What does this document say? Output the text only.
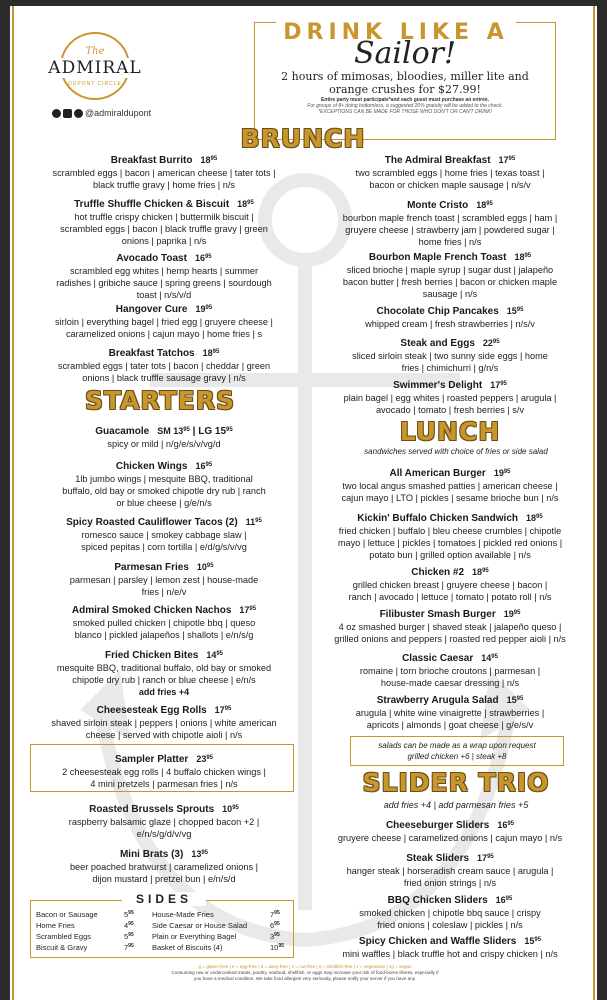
The
ADMIRAL
DUPONT CIRCLE
@admiraldupont
DRINK LIKE A
Sailor!
2 hours of mimosas, bloodies, miller lite and
orange crushes for $27.99!
Entire party must participate*and each guest must purchase an entrée.
For groups of 8+ doing bottomless, a suggested 20% gratuity will be added to the check.
*EXCEPTIONS CAN BE MADE FOR THOSE WHO DON'T OR CAN'T DRINK!
BRUNCH
STARTERS
LUNCH
SLIDER TRIO
sandwiches served with choice of fries or side salad
add fries +4 | add parmesan fries +5
salads can be made as a wrap upon request
grilled chicken +6 | steak +8
SIDES
g = gluten-free | e = egg-free | d = dairy-free | n = nut-free | s = shellfish-free | v = vegetarian | vg = vegan
Consuming raw or undercooked meats, poultry, seafood, shellfish, or eggs may increase your risk of food-borne illness, especially if
you have a medical condition. We take food allergies very seriously, please notify your server if you have any.
Breakfast Burrito $18^{95}$
scrambled eggs | bacon | american cheese | tater tots |
black truffle gravy | home fries | n/s
Truffle Shuffle Chicken & Biscuit $18^{95}$
hot truffle crispy chicken | buttermilk biscuit |
scrambled eggs | bacon | black truffle gravy | green
onions | paprika | n/s
Avocado Toast $16^{95}$
scrambled egg whites | hemp hearts | summer
radishes | gribiche sauce | spring greens | sourdough
toast | n/s/v/d
Hangover Cure $19^{95}$
sirloin | everything bagel | fried egg | gruyere cheese |
caramelized onions | cajun mayo | home fries | s
Breakfast Tatchos $18^{95}$
scrambled eggs | tater tots | bacon | cheddar | green
onions | black truffle sausage gravy | n/s
The Admiral Breakfast $17^{95}$
two scrambled eggs | home fries | texas toast |
bacon or chicken maple sausage | n/s/v
Monte Cristo $18^{95}$
bourbon maple french toast | scrambled eggs | ham |
gruyere cheese | strawberry jam | powdered sugar |
home fries | n/s
Bourbon Maple French Toast $18^{95}$
sliced brioche | maple syrup | sugar dust | jalapeño
bacon butter | fresh berries | bacon or chicken maple
sausage | n/s
Chocolate Chip Pancakes $15^{95}$
whipped cream | fresh strawberries | n/s/v
Steak and Eggs $22^{95}$
sliced sirloin steak | two sunny side eggs | home
fries | chimichurri | g/n/s
Swimmer's Delight $17^{95}$
plain bagel | egg whites | roasted peppers | arugula |
avocado | tomato | fresh berries | s/v
Guacamole SM $13^{95}$ | LG $15^{95}$
spicy or mild | n/g/e/s/v/vg/d
Chicken Wings $16^{95}$
1lb jumbo wings | mesquite BBQ, traditional
buffalo, old bay or smoked chipotle dry rub | ranch
or blue cheese | g/e/n/s
Spicy Roasted Cauliflower Tacos (2) $11^{95}$
romesco sauce | smokey cabbage slaw |
spiced pepitas | corn tortilla | e/d/g/s/v/vg
Parmesan Fries $10^{95}$
parmesan | parsley | lemon zest | house-made
fries | n/e/v
Admiral Smoked Chicken Nachos $17^{95}$
smoked pulled chicken | chipotle bbq | queso
blanco | pickled jalapeños | shallots | e/n/s/g
Fried Chicken Bites $14^{95}$
mesquite BBQ, traditional buffalo, old bay or smoked
chipotle dry rub | ranch or blue cheese | e/n/s
add fries +4
Cheesesteak Egg Rolls $17^{95}$
shaved sirloin steak | peppers | onions | white american
cheese | served with chipotle aioli | n/s
Sampler Platter $23^{95}$
2 cheesesteak egg rolls | 4 buffalo chicken wings |
4 mini pretzels | parmesan fries | n/s
Roasted Brussels Sprouts $10^{95}$
raspberry balsamic glaze | chopped bacon +2 |
e/n/s/g/d/v/vg
Mini Brats (3) $13^{95}$
beer poached bratwurst | caramelized onions |
dijon mustard | pretzel bun | e/n/s/d
All American Burger $19^{95}$
two local angus smashed patties | american cheese |
cajun mayo | LTO | pickles | sesame brioche bun | n/s
Kickin' Buffalo Chicken Sandwich $18^{95}$
fried chicken | buffalo | bleu cheese crumbles | chipotle
mayo | lettuce | pickles | tomatoes | pickled red onions |
potato bun | grilled option available | n/s
Chicken #2 $18^{95}$
grilled chicken breast | gruyere cheese | bacon |
ranch | avocado | lettuce | tomato | potato roll | n/s
Filibuster Smash Burger $19^{95}$
4 oz smashed burger | shaved steak | jalapeño queso |
grilled onions and peppers | roasted red pepper aioli | n/s
Classic Caesar $14^{95}$
romaine | torn brioche croutons | parmesan |
house-made caesar dressing | n/s
Strawberry Arugula Salad $15^{95}$
arugula | white wine vinaigrette | strawberries |
apricots | almonds | goat cheese | g/e/s/v
Cheeseburger Sliders $16^{95}$
gruyere cheese | caramelized onions | cajun mayo | n/s
Steak Sliders $17^{95}$
hanger steak | horseradish cream sauce | arugula |
fried onion strings | n/s
BBQ Chicken Sliders $16^{95}$
smoked chicken | chipotle bbq sauce | crispy
fried onions | coleslaw | pickles | n/s
Spicy Chicken and Waffle Sliders $15^{95}$
mini waffles | black truffle hot and crispy chicken | n/s
Bacon or Sausage	$5^{95}$
Home Fries	$4^{95}$
Scrambled Eggs	$5^{95}$
Biscuit & Gravy	$7^{95}$
House-Made Fries	$7^{95}$
Side Caesar or House Salad	$6^{95}$
Plain or Everything Bagel	$3^{95}$
Basket of Biscuits (4)	$10^{95}$
